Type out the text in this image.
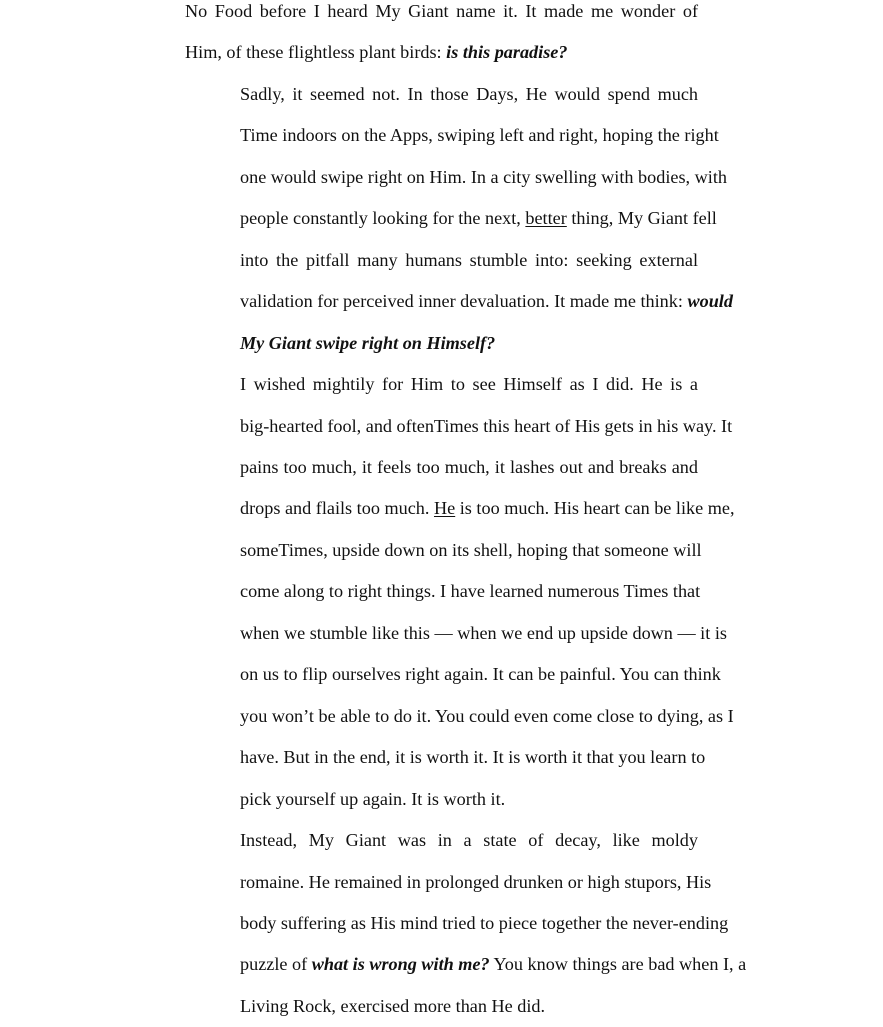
No Food before I heard My Giant name it. It made me wonder of
Him, of these flightless plant birds: is this paradise?

Sadly, it seemed not. In those Days, He would spend much
Time indoors on the Apps, swiping left and right, hoping the right
one would swipe right on Him. In a city swelling with bodies, with
people constantly looking for the next, better thing, My Giant fell
into the pitfall many humans stumble into: seeking external
validation for perceived inner devaluation. It made me think: would
My Giant swipe right on Himself?

I wished mightily for Him to see Himself as I did. He is a
big-hearted fool, and oftenTimes this heart of His gets in his way. It
pains too much, it feels too much, it lashes out and breaks and
drops and flails too much. He is too much. His heart can be like me,
someTimes, upside down on its shell, hoping that someone will
come along to right things. I have learned numerous Times that
when we stumble like this — when we end up upside down — it is
on us to flip ourselves right again. It can be painful. You can think
you won’t be able to do it. You could even come close to dying, as I
have. But in the end, it is worth it. It is worth it that you learn to
pick yourself up again. It is worth it.

Instead, My Giant was in a state of decay, like moldy
romaine. He remained in prolonged drunken or high stupors, His
body suffering as His mind tried to piece together the never-ending
puzzle of what is wrong with me? You know things are bad when I, a
Living Rock, exercised more than He did.
